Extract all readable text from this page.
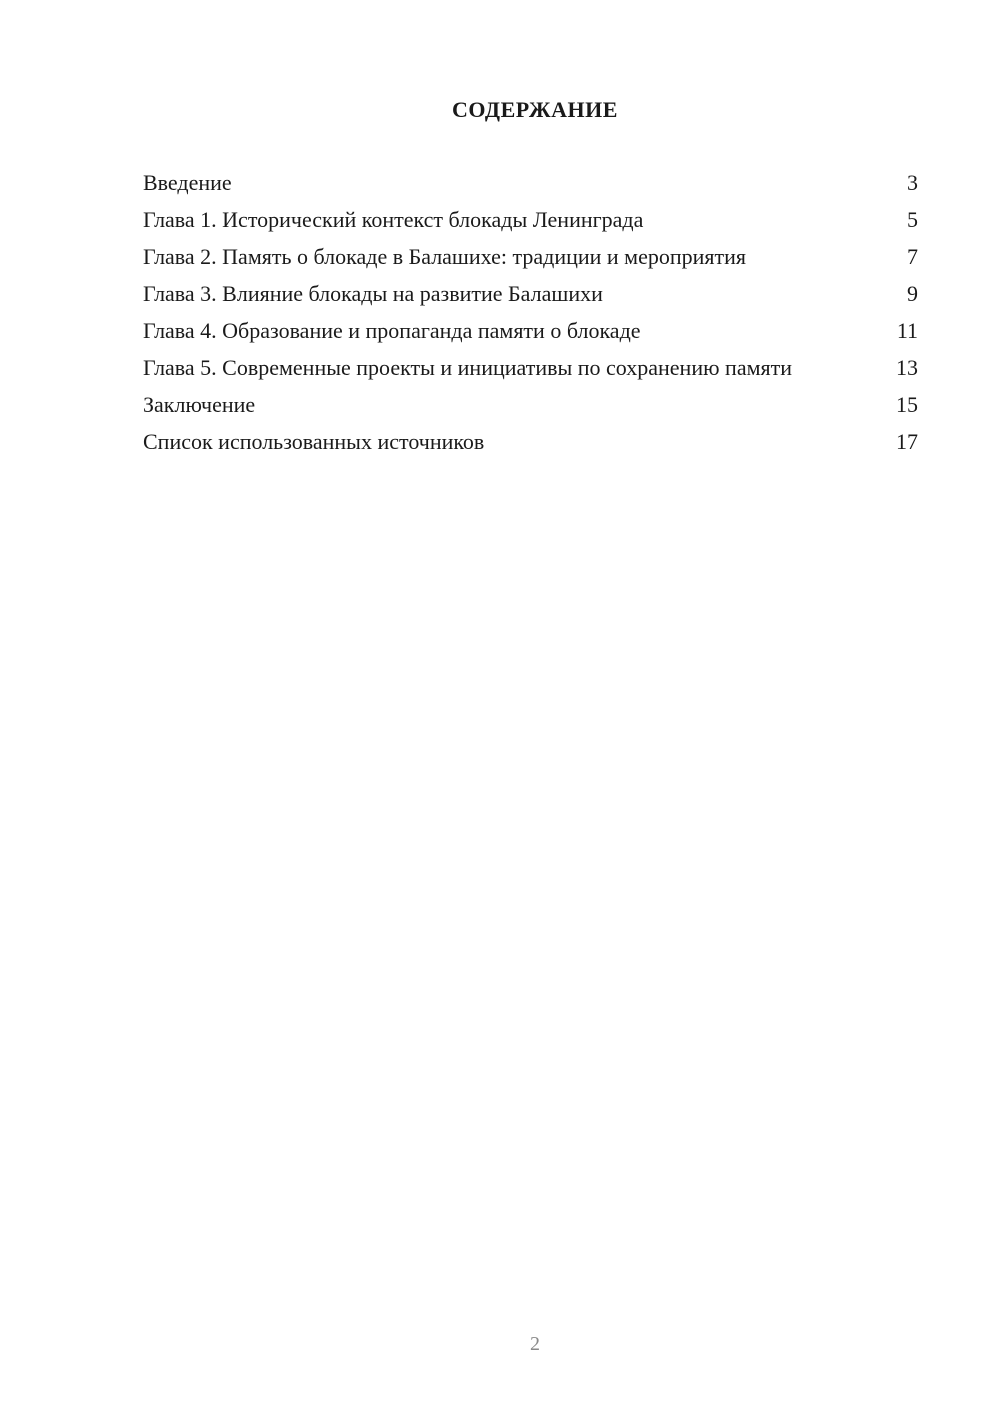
СОДЕРЖАНИЕ
Введение	3
Глава 1. Исторический контекст блокады Ленинграда	5
Глава 2. Память о блокаде в Балашихе: традиции и мероприятия	7
Глава 3. Влияние блокады на развитие Балашихи	9
Глава 4. Образование и пропаганда памяти о блокаде	11
Глава 5. Современные проекты и инициативы по сохранению памяти	13
Заключение	15
Список использованных источников	17
2
